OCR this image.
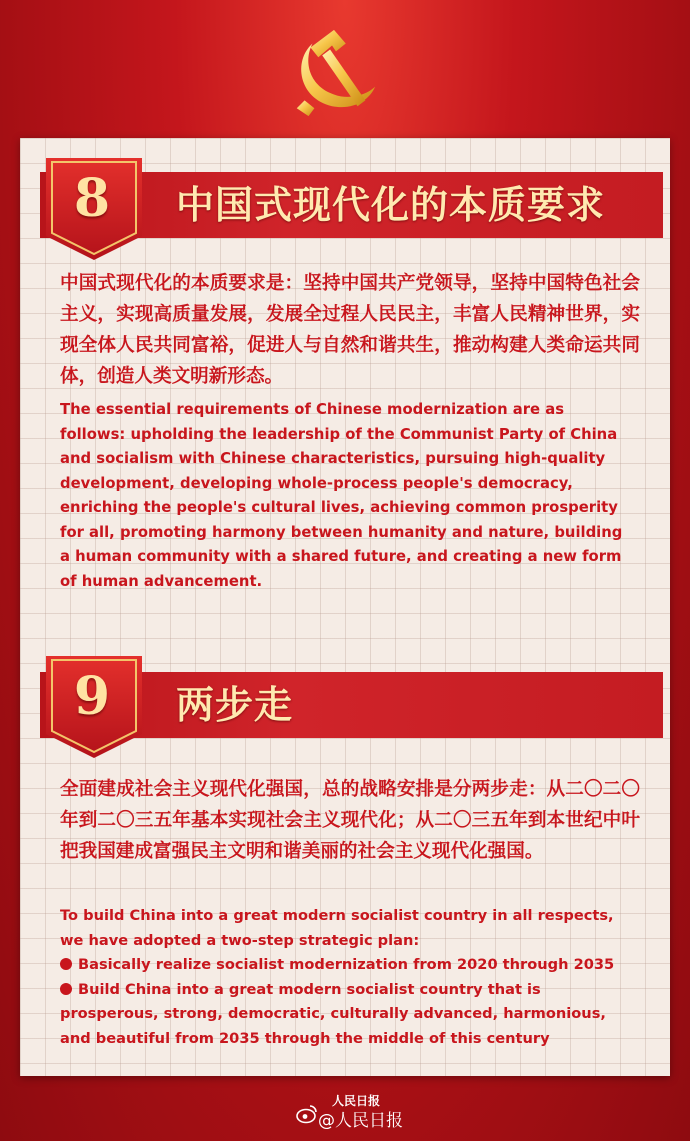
中国式现代化的本质要求
8
中国式现代化的本质要求是：坚持中国共产党领导，坚持中国特色社会主义，实现高质量发展，发展全过程人民民主，丰富人民精神世界，实现全体人民共同富裕，促进人与自然和谐共生，推动构建人类命运共同体，创造人类文明新形态。
The essential requirements of Chinese modernization are as
follows: upholding the leadership of the Communist Party of China
and socialism with Chinese characteristics, pursuing high-quality
development, developing whole-process people's democracy,
enriching the people's cultural lives, achieving common prosperity
for all, promoting harmony between humanity and nature, building
a human community with a shared future, and creating a new form
of human advancement.
两步走
9
全面建成社会主义现代化强国，总的战略安排是分两步走：从二〇二〇年到二〇三五年基本实现社会主义现代化；从二〇三五年到本世纪中叶把我国建成富强民主文明和谐美丽的社会主义现代化强国。
To build China into a great modern socialist country in all respects,
we have adopted a two-step strategic plan:
Basically realize socialist modernization from 2020 through 2035
Build China into a great modern socialist country that is
prosperous, strong, democratic, culturally advanced, harmonious,
and beautiful from 2035 through the middle of this century
人民日报
@人民日报
